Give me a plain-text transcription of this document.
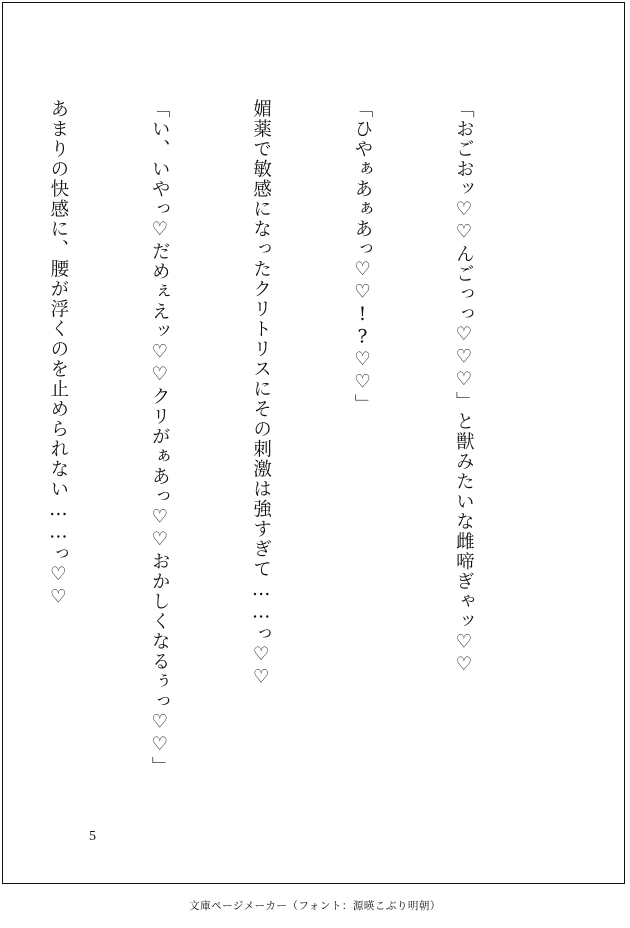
「おごおッ♡♡んごっっ♡♡♡」と獣みたいな雌啼ぎゃッ♡♡

「ひやぁあぁあっ♡♡!?♡♡」

媚薬で敏感になったクリトリスにその刺激は強すぎて……っ♡♡

「い、いやっ♡だめぇえッ♡♡クリがぁあっ♡♡おかしくなるぅっ♡♡」

あまりの快感に、腰が浮くのを止められない……っ♡♡

5
文庫ページメーカー（フォント：源暎こぶり明朝）
